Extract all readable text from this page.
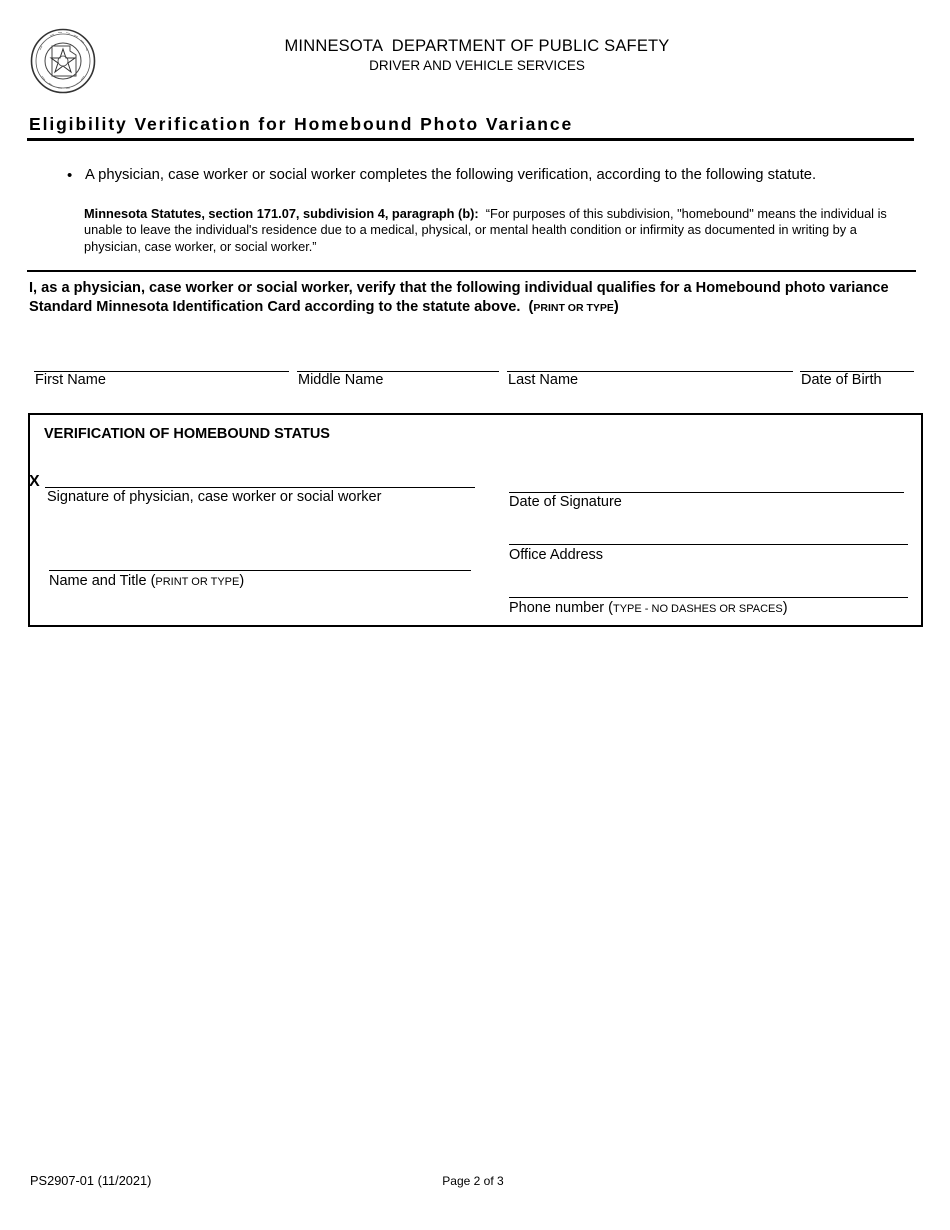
MINNESOTA  DEPARTMENT OF PUBLIC SAFETY
DRIVER AND VEHICLE SERVICES
Eligibility Verification for Homebound Photo Variance
• A physician, case worker or social worker completes the following verification, according to the following statute.
Minnesota Statutes, section 171.07, subdivision 4, paragraph (b): “For purposes of this subdivision, "homebound" means the individual is unable to leave the individual's residence due to a medical, physical, or mental health condition or infirmity as documented in writing by a physician, case worker, or social worker.”
I, as a physician, case worker or social worker, verify that the following individual qualifies for a Homebound photo variance Standard Minnesota Identification Card according to the statute above. (PRINT OR TYPE)
First Name	Middle Name	Last Name	Date of Birth
VERIFICATION OF HOMEBOUND STATUS
X
Signature of physician, case worker or social worker	Date of Signature
Office Address
Name and Title (PRINT OR TYPE)
Phone number (TYPE - NO DASHES OR SPACES)
PS2907-01 (11/2021)	Page 2 of 3
